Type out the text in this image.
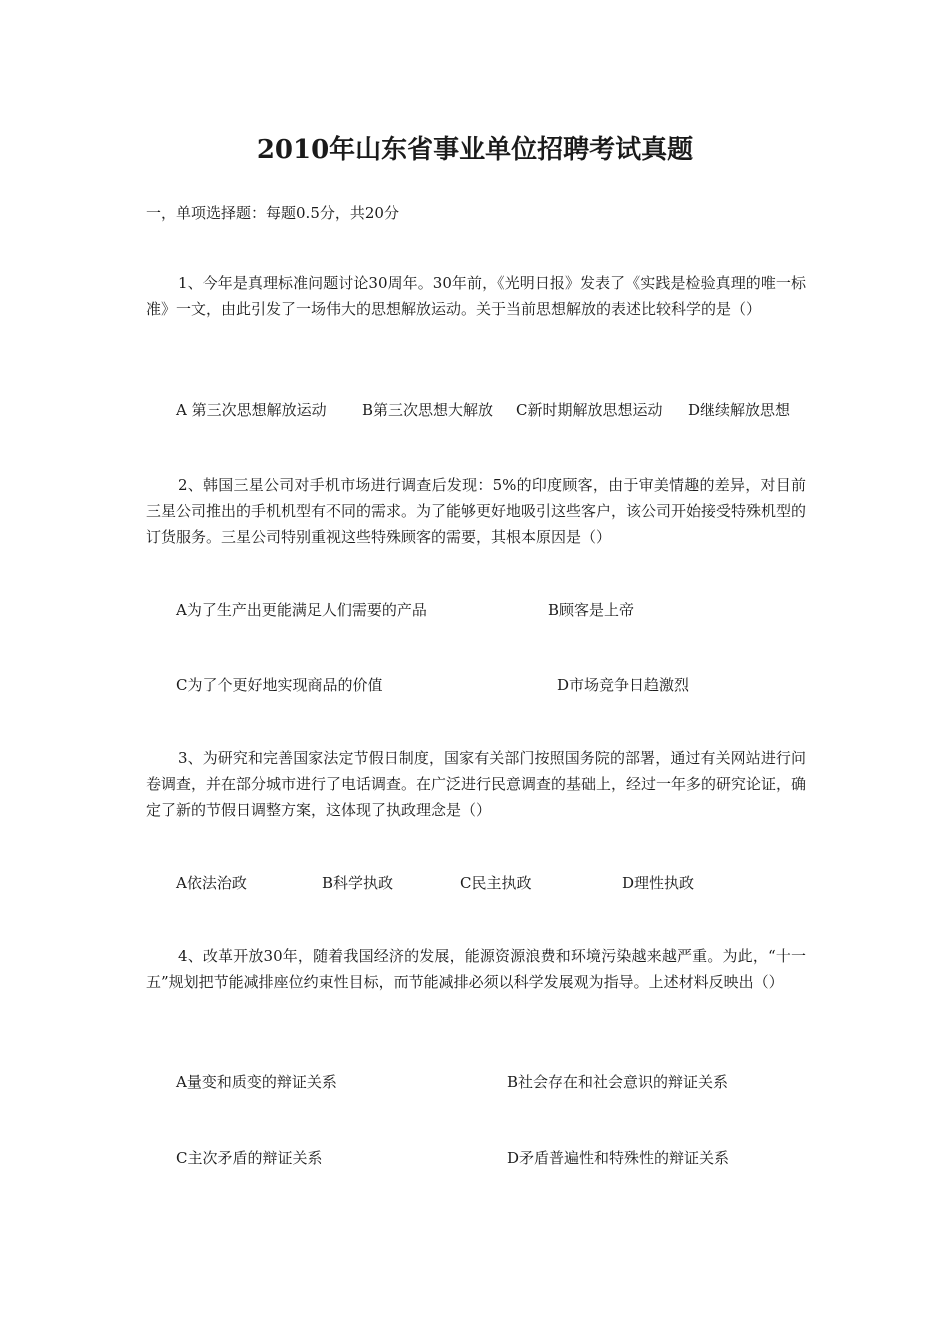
2010年山东省事业单位招聘考试真题

一，单项选择题：每题0.5分，共20分

1、今年是真理标准问题讨论30周年。30年前，《光明日报》发表了《实践是检验真理的唯一标准》一文，由此引发了一场伟大的思想解放运动。关于当前思想解放的表述比较科学的是（）

A 第三次思想解放运动 B第三次思想大解放 C新时期解放思想运动 D继续解放思想

2、韩国三星公司对手机市场进行调查后发现：5%的印度顾客，由于审美情趣的差异，对目前三星公司推出的手机机型有不同的需求。为了能够更好地吸引这些客户，该公司开始接受特殊机型的订货服务。三星公司特别重视这些特殊顾客的需要，其根本原因是（）

A为了生产出更能满足人们需要的产品	B顾客是上帝
C为了个更好地实现商品的价值	D市场竞争日趋激烈

3、为研究和完善国家法定节假日制度，国家有关部门按照国务院的部署，通过有关网站进行问卷调查，并在部分城市进行了电话调查。在广泛进行民意调查的基础上，经过一年多的研究论证，确定了新的节假日调整方案，这体现了执政理念是（）

A依法治政	B科学执政	C民主执政	D理性执政

4、改革开放30年，随着我国经济的发展，能源资源浪费和环境污染越来越严重。为此，“十一五”规划把节能减排座位约束性目标，而节能减排必须以科学发展观为指导。上述材料反映出（）

A量变和质变的辩证关系	B社会存在和社会意识的辩证关系
C主次矛盾的辩证关系	D矛盾普遍性和特殊性的辩证关系
